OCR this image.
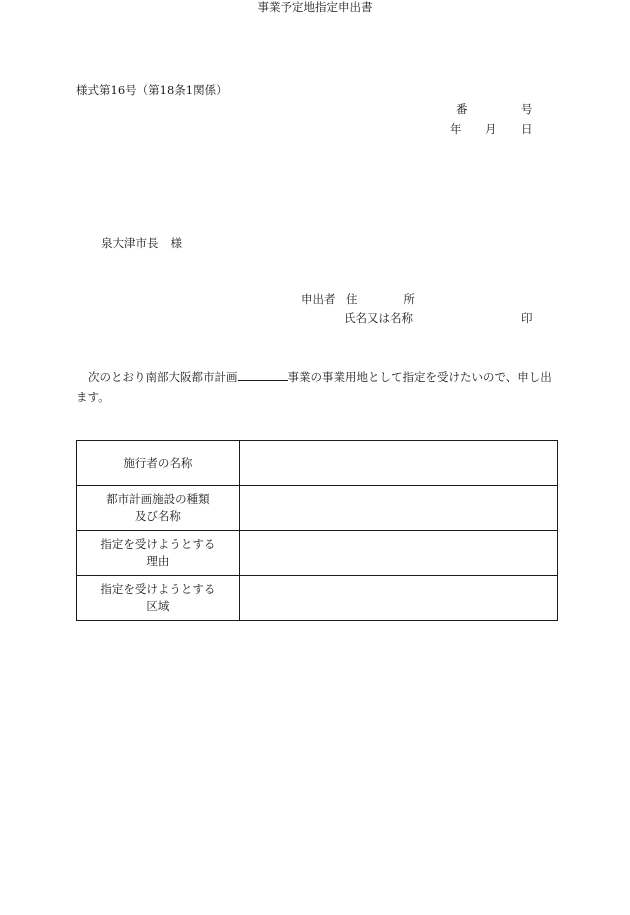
様式第16号（第18条1関係）
番	号
年 月 日
事業予定地指定申出書
泉大津市長 様
申出者 住　　　　所
氏名又は名称	印
次のとおり南部大阪都市計画	事業の事業用地として指定を受けたいので、申し出ます。
施行者の名称	

都市計画施設の種類
及び名称	

指定を受けようとする
理由	

指定を受けようとする
区域	
